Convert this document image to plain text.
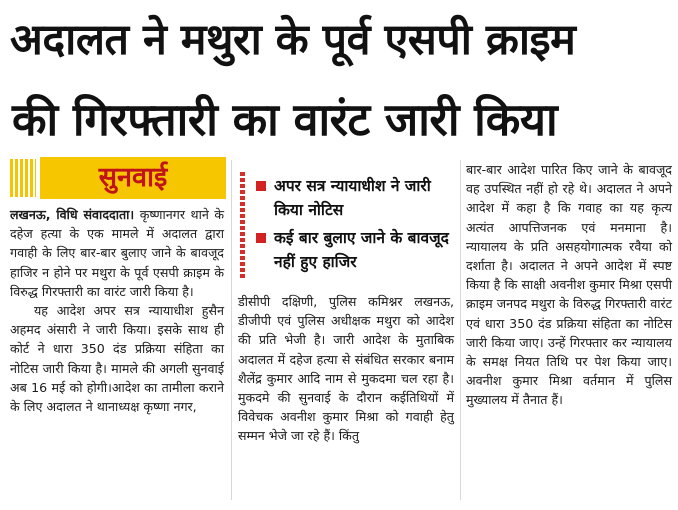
अदालत ने मथुरा के पूर्व एसपी क्राइम
की गिरफ्तारी का वारंट जारी किया
सुनवाई

लखनऊ, विधि संवाददाता। कृष्णानगर थाने के दहेज हत्या के एक मामले में अदालत द्वारा गवाही के लिए बार-बार बुलाए जाने के बावजूद हाजिर न होने पर मथुरा के पूर्व एसपी क्राइम के विरुद्ध गिरफ्तारी का वारंट जारी किया है।

यह आदेश अपर सत्र न्यायाधीश हुसैन अहमद अंसारी ने जारी किया। इसके साथ ही कोर्ट ने धारा 350 दंड प्रक्रिया संहिता का नोटिस जारी किया है। मामले की अगली सुनवाई अब 16 मई को होगी।आदेश का तामीला कराने के लिए अदालत ने थानाध्यक्ष कृष्णा नगर,

अपर सत्र न्यायाधीश ने जारी किया नोटिस
कई बार बुलाए जाने के बावजूद नहीं हुए हाजिर

डीसीपी दक्षिणी, पुलिस कमिश्नर लखनऊ, डीजीपी एवं पुलिस अधीक्षक मथुरा को आदेश की प्रति भेजी है। जारी आदेश के मुताबिक अदालत में दहेज हत्या से संबंधित सरकार बनाम शैलेंद्र कुमार आदि नाम से मुकदमा चल रहा है। मुकदमे की सुनवाई के दौरान कईतिथियों में विवेचक अवनीश कुमार मिश्रा को गवाही हेतु सम्मन भेजे जा रहे हैं। किंतु

बार-बार आदेश पारित किए जाने के बावजूद वह उपस्थित नहीं हो रहे थे। अदालत ने अपने आदेश में कहा है कि गवाह का यह कृत्य अत्यंत आपत्तिजनक एवं मनमाना है। न्यायालय के प्रति असहयोगात्मक रवैया को दर्शाता है। अदालत ने अपने आदेश में स्पष्ट किया है कि साक्षी अवनीश कुमार मिश्रा एसपी क्राइम जनपद मथुरा के विरुद्ध गिरफ्तारी वारंट एवं धारा 350 दंड प्रक्रिया संहिता का नोटिस जारी किया जाए। उन्हें गिरफ्तार कर न्यायालय के समक्ष नियत तिथि पर पेश किया जाए। अवनीश कुमार मिश्रा वर्तमान में पुलिस मुख्यालय में तैनात हैं।
